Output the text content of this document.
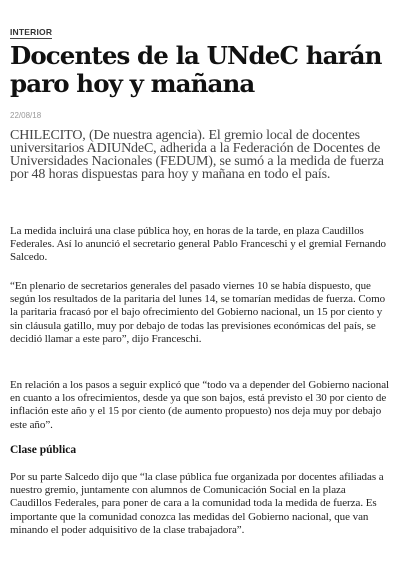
INTERIOR
Docentes de la UNdeC harán paro hoy y mañana
22/08/18

CHILECITO, (De nuestra agencia). El gremio local de docentes universitarios ADIUNdeC, adherida a la Federación de Docentes de Universidades Nacionales (FEDUM), se sumó a la medida de fuerza por 48 horas dispuestas para hoy y mañana en todo el país.

La medida incluirá una clase pública hoy, en horas de la tarde, en plaza Caudillos Federales. Así lo anunció el secretario general Pablo Franceschi y el gremial Fernando Salcedo.

“En plenario de secretarios generales del pasado viernes 10 se había dispuesto, que según los resultados de la paritaria del lunes 14, se tomarían medidas de fuerza. Como la paritaria fracasó por el bajo ofrecimiento del Gobierno nacional, un 15 por ciento y sin cláusula gatillo, muy por debajo de todas las previsiones económicas del país, se decidió llamar a este paro”, dijo Franceschi.

En relación a los pasos a seguir explicó que “todo va a depender del Gobierno nacional en cuanto a los ofrecimientos, desde ya que son bajos, está previsto el 30 por ciento de inflación este año y el 15 por ciento (de aumento propuesto) nos deja muy por debajo este año”.

Clase pública

Por su parte Salcedo dijo que “la clase pública fue organizada por docentes afiliadas a nuestro gremio, juntamente con alumnos de Comunicación Social en la plaza Caudillos Federales, para poner de cara a la comunidad toda la medida de fuerza. Es importante que la comunidad conozca las medidas del Gobierno nacional, que van minando el poder adquisitivo de la clase trabajadora”.
